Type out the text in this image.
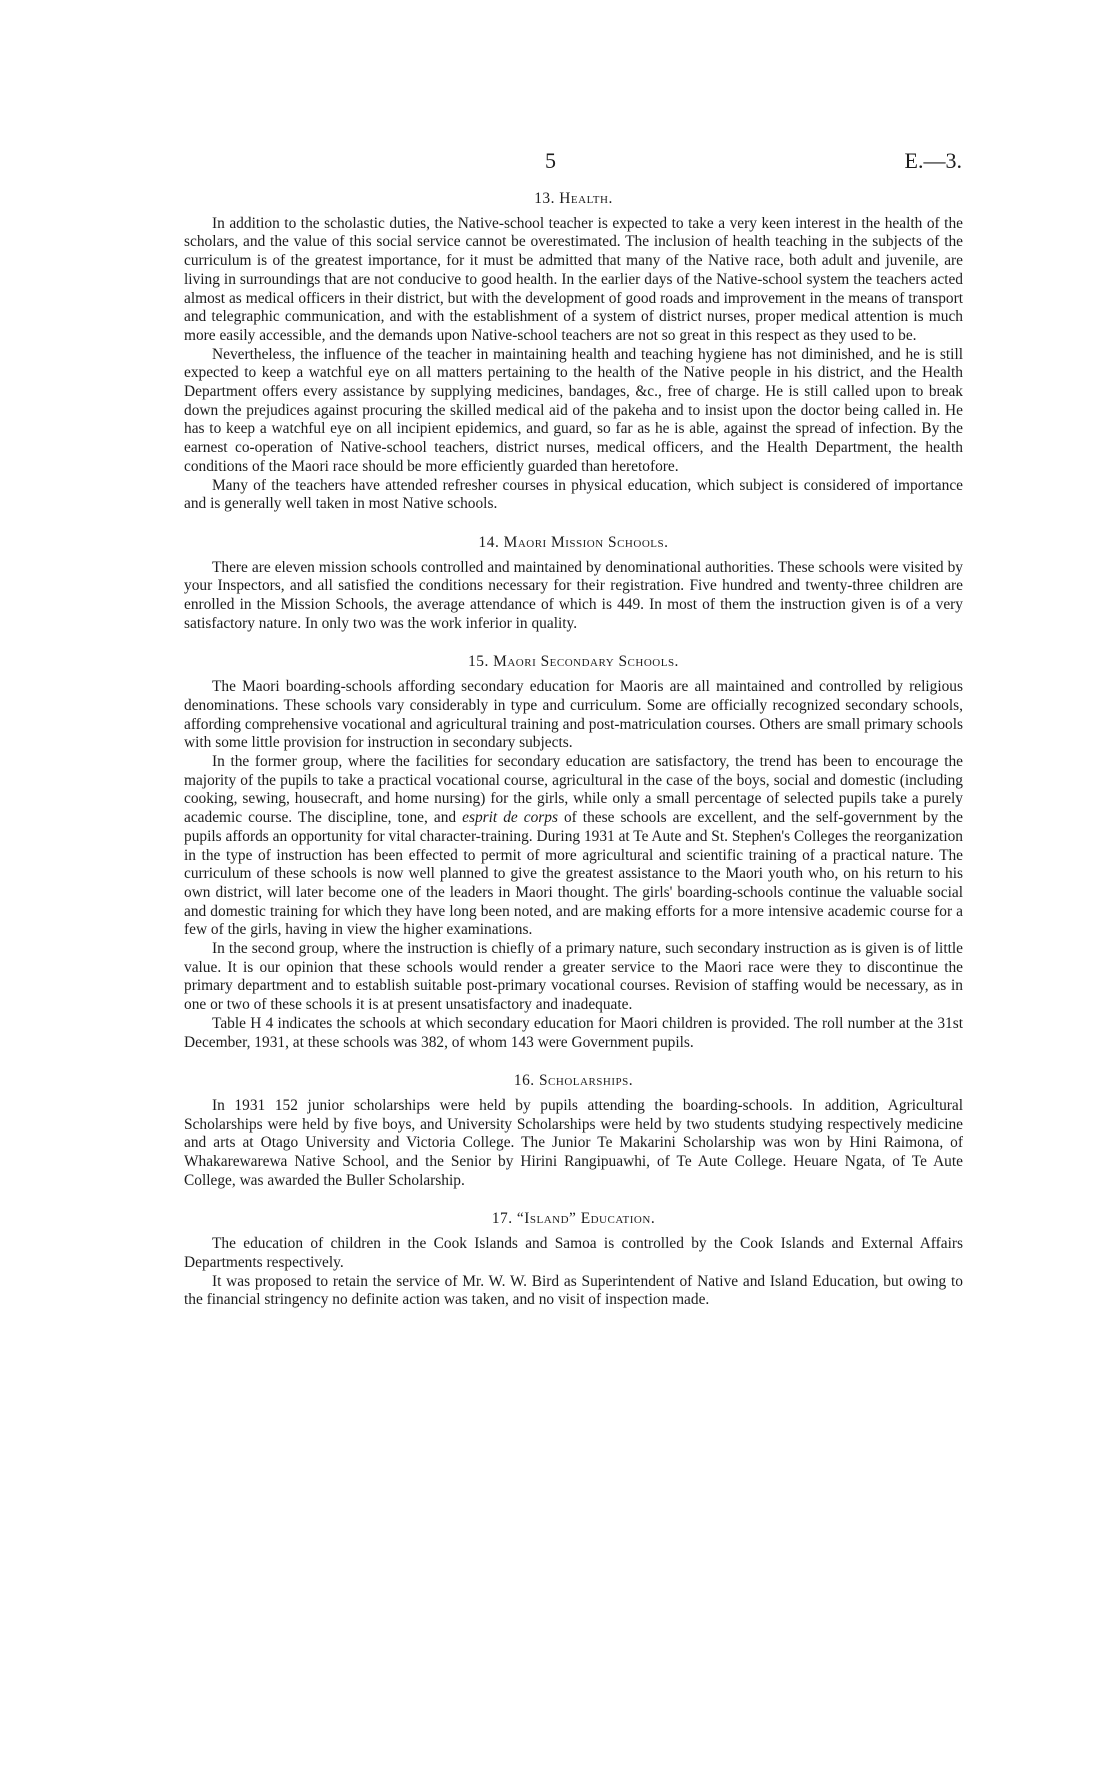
5	E.—3.
13. Health.

In addition to the scholastic duties, the Native-school teacher is expected to take a very keen interest in the health of the scholars, and the value of this social service cannot be overestimated. The inclusion of health teaching in the subjects of the curriculum is of the greatest importance, for it must be admitted that many of the Native race, both adult and juvenile, are living in surroundings that are not conducive to good health. In the earlier days of the Native-school system the teachers acted almost as medical officers in their district, but with the development of good roads and improvement in the means of transport and telegraphic communication, and with the establishment of a system of district nurses, proper medical attention is much more easily accessible, and the demands upon Native-school teachers are not so great in this respect as they used to be.

Nevertheless, the influence of the teacher in maintaining health and teaching hygiene has not diminished, and he is still expected to keep a watchful eye on all matters pertaining to the health of the Native people in his district, and the Health Department offers every assistance by supplying medicines, bandages, &c., free of charge. He is still called upon to break down the prejudices against procuring the skilled medical aid of the pakeha and to insist upon the doctor being called in. He has to keep a watchful eye on all incipient epidemics, and guard, so far as he is able, against the spread of infection. By the earnest co-operation of Native-school teachers, district nurses, medical officers, and the Health Department, the health conditions of the Maori race should be more efficiently guarded than heretofore.

Many of the teachers have attended refresher courses in physical education, which subject is considered of importance and is generally well taken in most Native schools.

14. Maori Mission Schools.

There are eleven mission schools controlled and maintained by denominational authorities. These schools were visited by your Inspectors, and all satisfied the conditions necessary for their registration. Five hundred and twenty-three children are enrolled in the Mission Schools, the average attendance of which is 449. In most of them the instruction given is of a very satisfactory nature. In only two was the work inferior in quality.

15. Maori Secondary Schools.

The Maori boarding-schools affording secondary education for Maoris are all maintained and controlled by religious denominations. These schools vary considerably in type and curriculum. Some are officially recognized secondary schools, affording comprehensive vocational and agricultural training and post-matriculation courses. Others are small primary schools with some little provision for instruction in secondary subjects.

In the former group, where the facilities for secondary education are satisfactory, the trend has been to encourage the majority of the pupils to take a practical vocational course, agricultural in the case of the boys, social and domestic (including cooking, sewing, housecraft, and home nursing) for the girls, while only a small percentage of selected pupils take a purely academic course. The discipline, tone, and esprit de corps of these schools are excellent, and the self-government by the pupils affords an opportunity for vital character-training. During 1931 at Te Aute and St. Stephen's Colleges the reorganization in the type of instruction has been effected to permit of more agricultural and scientific training of a practical nature. The curriculum of these schools is now well planned to give the greatest assistance to the Maori youth who, on his return to his own district, will later become one of the leaders in Maori thought. The girls' boarding-schools continue the valuable social and domestic training for which they have long been noted, and are making efforts for a more intensive academic course for a few of the girls, having in view the higher examinations.

In the second group, where the instruction is chiefly of a primary nature, such secondary instruction as is given is of little value. It is our opinion that these schools would render a greater service to the Maori race were they to discontinue the primary department and to establish suitable post-primary vocational courses. Revision of staffing would be necessary, as in one or two of these schools it is at present unsatisfactory and inadequate.

Table H 4 indicates the schools at which secondary education for Maori children is provided. The roll number at the 31st December, 1931, at these schools was 382, of whom 143 were Government pupils.

16. Scholarships.

In 1931 152 junior scholarships were held by pupils attending the boarding-schools. In addition, Agricultural Scholarships were held by five boys, and University Scholarships were held by two students studying respectively medicine and arts at Otago University and Victoria College. The Junior Te Makarini Scholarship was won by Hini Raimona, of Whakarewarewa Native School, and the Senior by Hirini Rangipuawhi, of Te Aute College. Heuare Ngata, of Te Aute College, was awarded the Buller Scholarship.

17. “Island” Education.

The education of children in the Cook Islands and Samoa is controlled by the Cook Islands and External Affairs Departments respectively.

It was proposed to retain the service of Mr. W. W. Bird as Superintendent of Native and Island Education, but owing to the financial stringency no definite action was taken, and no visit of inspection made.
